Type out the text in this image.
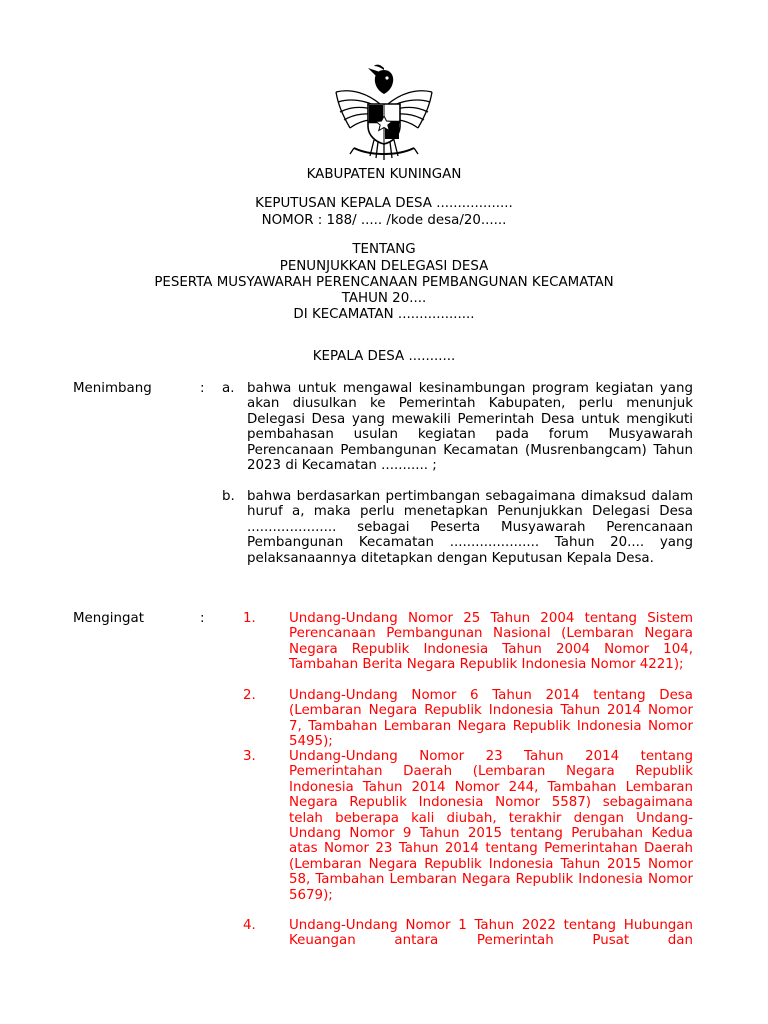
KABUPATEN KUNINGAN
KEPUTUSAN KEPALA DESA ..................
NOMOR : 188/ ..... /kode desa/20......
TENTANG
PENUNJUKKAN DELEGASI DESA
PESERTA MUSYAWARAH PERENCANAAN PEMBANGUNAN KECAMATAN
TAHUN 20....
DI KECAMATAN ..................
KEPALA DESA ...........
Menimbang	: a. bahwa untuk mengawal kesinambungan program kegiatan yang akan diusulkan ke Pemerintah Kabupaten, perlu menunjuk Delegasi Desa yang mewakili Pemerintah Desa untuk mengikuti pembahasan usulan kegiatan pada forum Musyawarah Perencanaan Pembangunan Kecamatan (Musrenbangcam) Tahun 2023 di Kecamatan ........... ;
b. bahwa berdasarkan pertimbangan sebagaimana dimaksud dalam huruf a, maka perlu menetapkan Penunjukkan Delegasi Desa ..................... sebagai Peserta Musyawarah Perencanaan Pembangunan Kecamatan ..................... Tahun 20.... yang pelaksanaannya ditetapkan dengan Keputusan Kepala Desa.
Mengingat	:	1. Undang-Undang Nomor 25 Tahun 2004 tentang Sistem Perencanaan Pembangunan Nasional (Lembaran Negara Negara Republik Indonesia Tahun 2004 Nomor 104, Tambahan Berita Negara Republik Indonesia Nomor 4221);
2. Undang-Undang Nomor 6 Tahun 2014 tentang Desa (Lembaran Negara Republik Indonesia Tahun 2014 Nomor 7, Tambahan Lembaran Negara Republik Indonesia Nomor 5495);
3. Undang-Undang Nomor 23 Tahun 2014 tentang Pemerintahan Daerah (Lembaran Negara Republik Indonesia Tahun 2014 Nomor 244, Tambahan Lembaran Negara Republik Indonesia Nomor 5587) sebagaimana telah beberapa kali diubah, terakhir dengan Undang-Undang Nomor 9 Tahun 2015 tentang Perubahan Kedua atas Nomor 23 Tahun 2014 tentang Pemerintahan Daerah (Lembaran Negara Republik Indonesia Tahun 2015 Nomor 58, Tambahan Lembaran Negara Republik Indonesia Nomor 5679);
4. Undang-Undang Nomor 1 Tahun 2022 tentang Hubungan Keuangan antara Pemerintah Pusat dan
